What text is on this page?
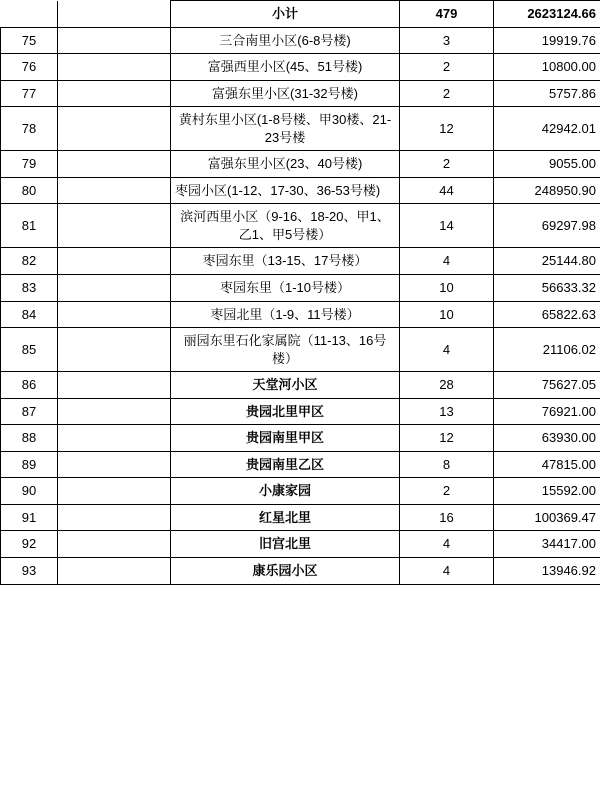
		小计	479	2623124.66
75		三合南里小区(6-8号楼)	3	19919.76
76		富强西里小区(45、51号楼)	2	10800.00
77		富强东里小区(31-32号楼)	2	5757.86
78		黄村东里小区(1-8号楼、甲30楼、21-23号楼	12	42942.01
79		富强东里小区(23、40号楼)	2	9055.00
80		枣园小区(1-12、17-30、36-53号楼)	44	248950.90
81		滨河西里小区（9-16、18-20、甲1、乙1、甲5号楼）	14	69297.98
82		枣园东里（13-15、17号楼）	4	25144.80
83		枣园东里（1-10号楼）	10	56633.32
84		枣园北里（1-9、11号楼）	10	65822.63
85		丽园东里石化家属院（11-13、16号楼）	4	21106.02
86		天堂河小区	28	75627.05
87		贵园北里甲区	13	76921.00
88		贵园南里甲区	12	63930.00
89		贵园南里乙区	8	47815.00
90		小康家园	2	15592.00
91		红星北里	16	100369.47
92		旧宫北里	4	34417.00
93		康乐园小区	4	13946.92
